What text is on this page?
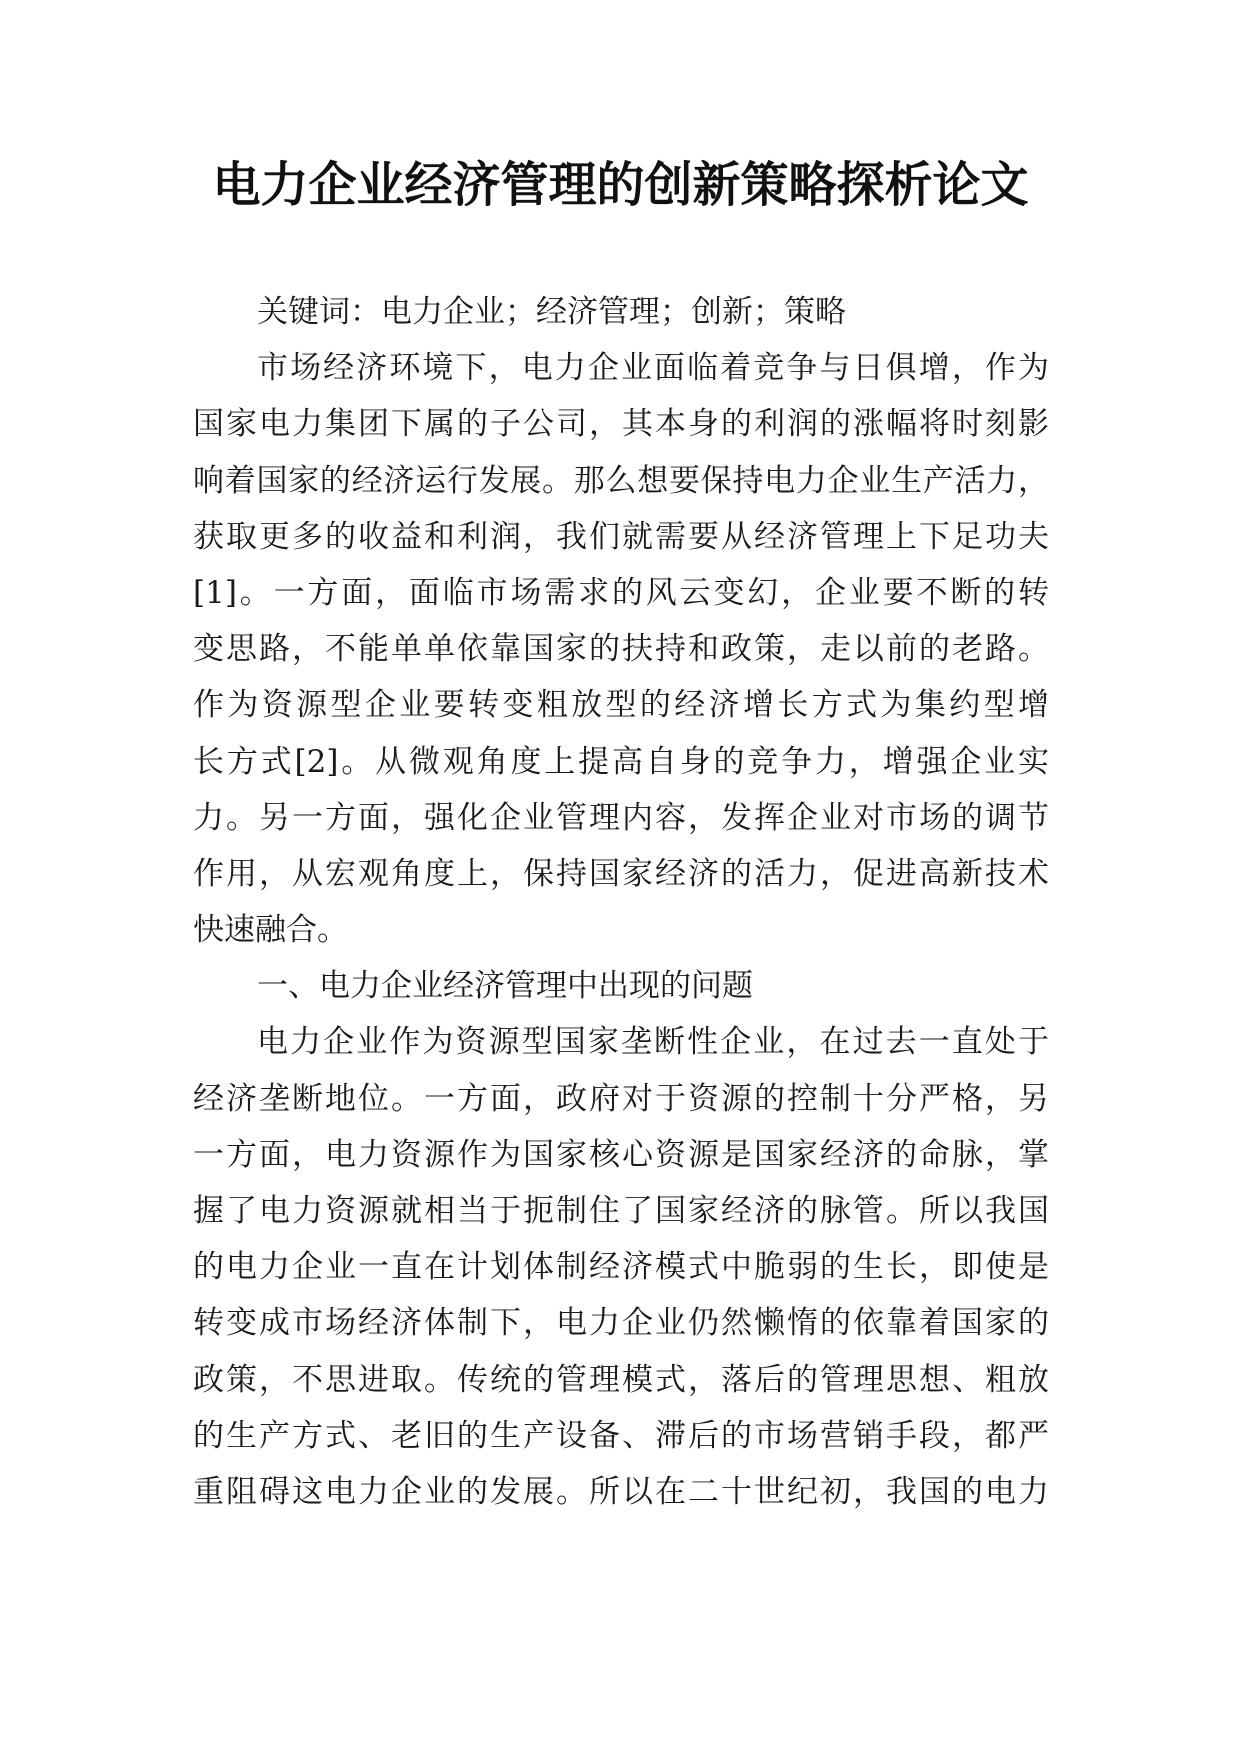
电力企业经济管理的创新策略探析论文
关键词：电力企业；经济管理；创新；策略
市场经济环境下，电力企业面临着竞争与日俱增，作为
国家电力集团下属的子公司，其本身的利润的涨幅将时刻影
响着国家的经济运行发展。那么想要保持电力企业生产活力，
获取更多的收益和利润，我们就需要从经济管理上下足功夫
[1]。一方面，面临市场需求的风云变幻，企业要不断的转
变思路，不能单单依靠国家的扶持和政策，走以前的老路。
作为资源型企业要转变粗放型的经济增长方式为集约型增
长方式[2]。从微观角度上提高自身的竞争力，增强企业实
力。另一方面，强化企业管理内容，发挥企业对市场的调节
作用，从宏观角度上，保持国家经济的活力，促进高新技术
快速融合。
一、电力企业经济管理中出现的问题
电力企业作为资源型国家垄断性企业，在过去一直处于
经济垄断地位。一方面，政府对于资源的控制十分严格，另
一方面，电力资源作为国家核心资源是国家经济的命脉，掌
握了电力资源就相当于扼制住了国家经济的脉管。所以我国
的电力企业一直在计划体制经济模式中脆弱的生长，即使是
转变成市场经济体制下，电力企业仍然懒惰的依靠着国家的
政策，不思进取。传统的管理模式，落后的管理思想、粗放
的生产方式、老旧的生产设备、滞后的市场营销手段，都严
重阻碍这电力企业的发展。所以在二十世纪初，我国的电力
